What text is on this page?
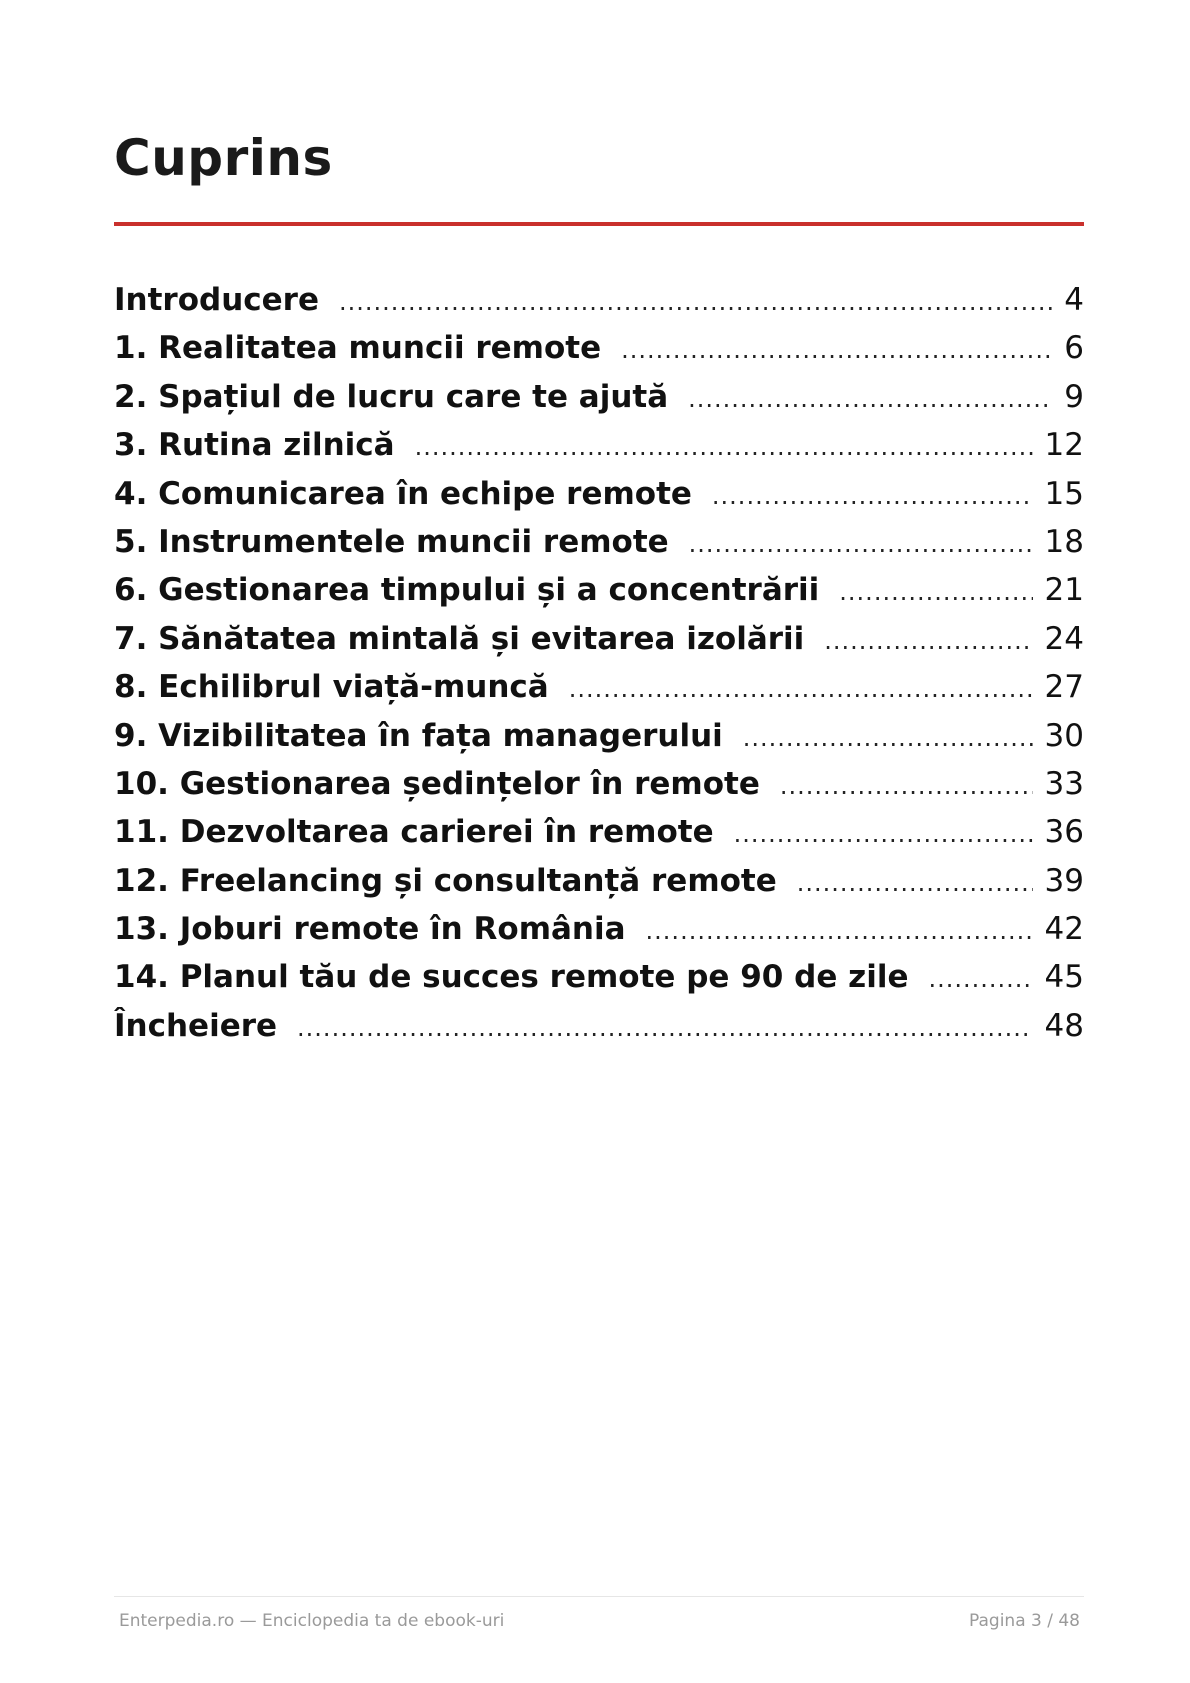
Cuprins
Introducere .....	4
1. Realitatea muncii remote .....	6
2. Spațiul de lucru care te ajută .....	9
3. Rutina zilnică .....	12
4. Comunicarea în echipe remote .....	15
5. Instrumentele muncii remote .....	18
6. Gestionarea timpului și a concentrării .....	21
7. Sănătatea mintală și evitarea izolării .....	24
8. Echilibrul viață-muncă .....	27
9. Vizibilitatea în fața managerului .....	30
10. Gestionarea ședințelor în remote .....	33
11. Dezvoltarea carierei în remote .....	36
12. Freelancing și consultanță remote .....	39
13. Joburi remote în România .....	42
14. Planul tău de succes remote pe 90 de zile .....	45
Încheiere .....	48
Enterpedia.ro — Enciclopedia ta de ebook-uri	Pagina 3 / 48
